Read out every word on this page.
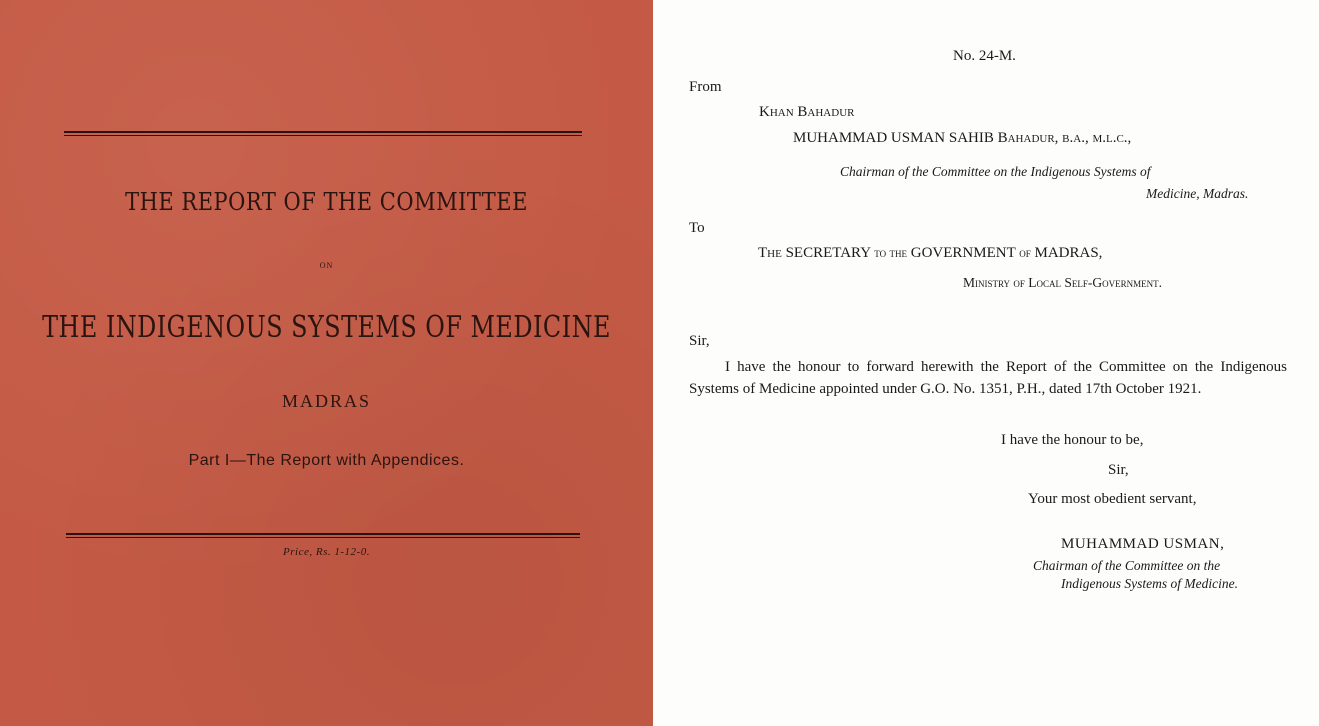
THE REPORT OF THE COMMITTEE
ON
THE INDIGENOUS SYSTEMS OF MEDICINE
MADRAS
Part I—The Report with Appendices.
Price, Rs. 1-12-0.
No. 24-M.
From
Khan Bahadur
MUHAMMAD USMAN SAHIB Bahadur, b.a., m.l.c.,
Chairman of the Committee on the Indigenous Systems of
Medicine, Madras.
To
The SECRETARY to the GOVERNMENT of MADRAS,
Ministry of Local Self-Government.
Sir,
I have the honour to forward herewith the Report of the Committee on the Indigenous Systems of Medicine appointed under G.O. No. 1351, P.H., dated 17th October 1921.
I have the honour to be,
Sir,
Your most obedient servant,
MUHAMMAD USMAN,
Chairman of the Committee on the
Indigenous Systems of Medicine.
